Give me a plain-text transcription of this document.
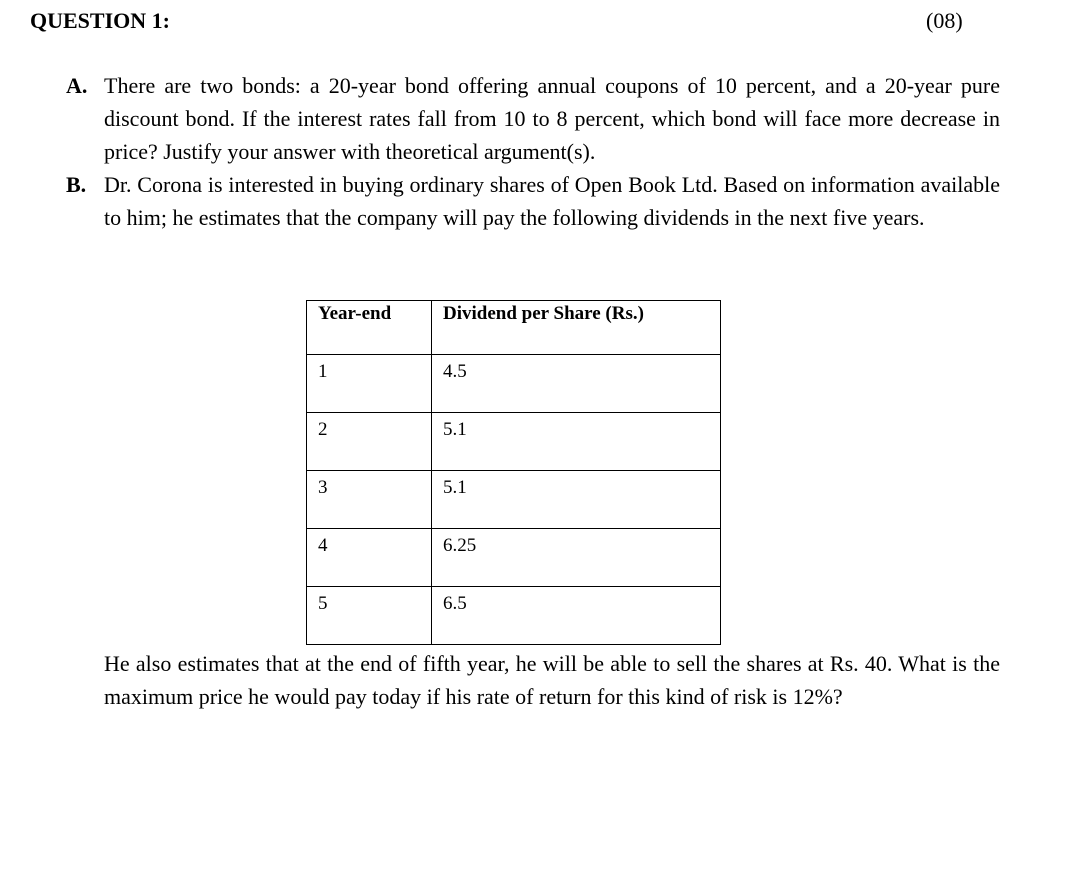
QUESTION 1:	(08)
A. There are two bonds: a 20-year bond offering annual coupons of 10 percent, and a 20-year pure discount bond. If the interest rates fall from 10 to 8 percent, which bond will face more decrease in price? Justify your answer with theoretical argument(s).
B. Dr. Corona is interested in buying ordinary shares of Open Book Ltd. Based on information available to him; he estimates that the company will pay the following dividends in the next five years.
Year-end	Dividend per Share (Rs.)
1	4.5
2	5.1
3	5.1
4	6.25
5	6.5
He also estimates that at the end of fifth year, he will be able to sell the shares at Rs. 40. What is the maximum price he would pay today if his rate of return for this kind of risk is 12%?
